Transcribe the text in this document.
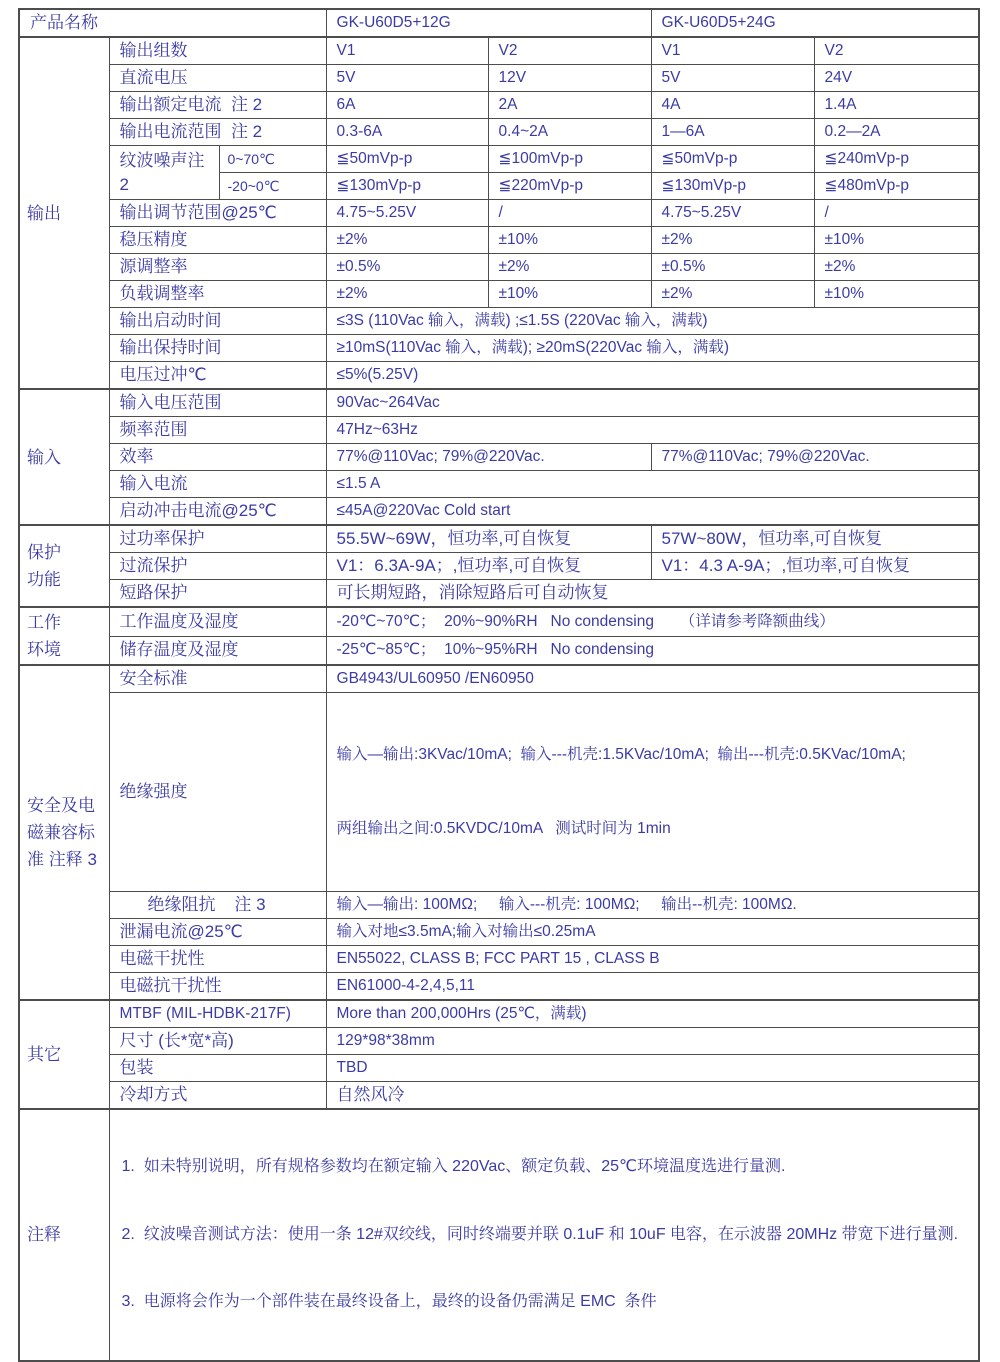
产品名称			GK-U60D5+12G		GK-U60D5+24G	
输出	输出组数		V1	V2	V1	V2
	直流电压		5V	12V	5V	24V
	输出额定电流  注 2		6A	2A	4A	1.4A
	输出电流范围  注 2		0.3-6A	0.4~2A	1—6A	0.2—2A
	纹波噪声注 2	0~70℃	≦50mVp-p	≦100mVp-p	≦50mVp-p	≦240mVp-p
		-20~0℃	≦130mVp-p	≦220mVp-p	≦130mVp-p	≦480mVp-p
	输出调节范围@25℃		4.75~5.25V	/	4.75~5.25V	/
	稳压精度		±2%	±10%	±2%	±10%
	源调整率		±0.5%	±2%	±0.5%	±2%
	负载调整率		±2%	±10%	±2%	±10%
	输出启动时间		≤3S (110Vac 输入，满载) ;≤1.5S (220Vac 输入，满载)			
	输出保持时间		≥10mS(110Vac 输入，满载); ≥20mS(220Vac 输入，满载)			
	电压过冲℃		≤5%(5.25V)			
输入	输入电压范围		90Vac~264Vac			
	频率范围		47Hz~63Hz			
	效率		77%@110Vac; 79%@220Vac.		77%@110Vac; 79%@220Vac.	
	输入电流		≤1.5 A			
	启动冲击电流@25℃		≤45A@220Vac Cold start			
保护
功能	过功率保护		55.5W~69W，恒功率,可自恢复		57W~80W，恒功率,可自恢复	
	过流保护		V1：6.3A-9A；,恒功率,可自恢复		V1：4.3 A-9A；,恒功率,可自恢复	
	短路保护		可长期短路，消除短路后可自动恢复			
工作
环境	工作温度及湿度		-20℃~70℃；  20%~90%RH   No condensing      （详请参考降额曲线）			
	储存温度及湿度		-25℃~85℃；  10%~95%RH   No condensing			
安全及电
磁兼容标
准 注释 3	安全标准		GB4943/UL60950 /EN60950			
	绝缘强度		输入—输出:3KVac/10mA;  输入---机壳:1.5KVac/10mA;  输出---机壳:0.5KVac/10mA;

两组输出之间:0.5KVDC/10mA   测试时间为 1min			

	绝缘阻抗    注 3		输入—输出: 100MΩ;     输入---机壳: 100MΩ;     输出--机壳: 100MΩ.			
	泄漏电流@25℃		输入对地≤3.5mA;输入对输出≤0.25mA			
	电磁干扰性		EN55022, CLASS B; FCC PART 15 , CLASS B			
	电磁抗干扰性		EN61000-4-2,4,5,11			
其它	MTBF (MIL-HDBK-217F)		More than 200,000Hrs (25℃，满载)			
	尺寸 (长*宽*高)		129*98*38mm			
	包装		TBD			
	冷却方式		自然风冷			
注释	1.  如未特别说明，所有规格参数均在额定输入 220Vac、额定负载、25℃环境温度选进行量测.

2.  纹波噪音测试方法：使用一条 12#双绞线，同时终端要并联 0.1uF 和 10uF 电容，在示波器 20MHz 带宽下进行量测.

3.  电源将会作为一个部件装在最终设备上，最终的设备仍需满足 EMC  条件					
